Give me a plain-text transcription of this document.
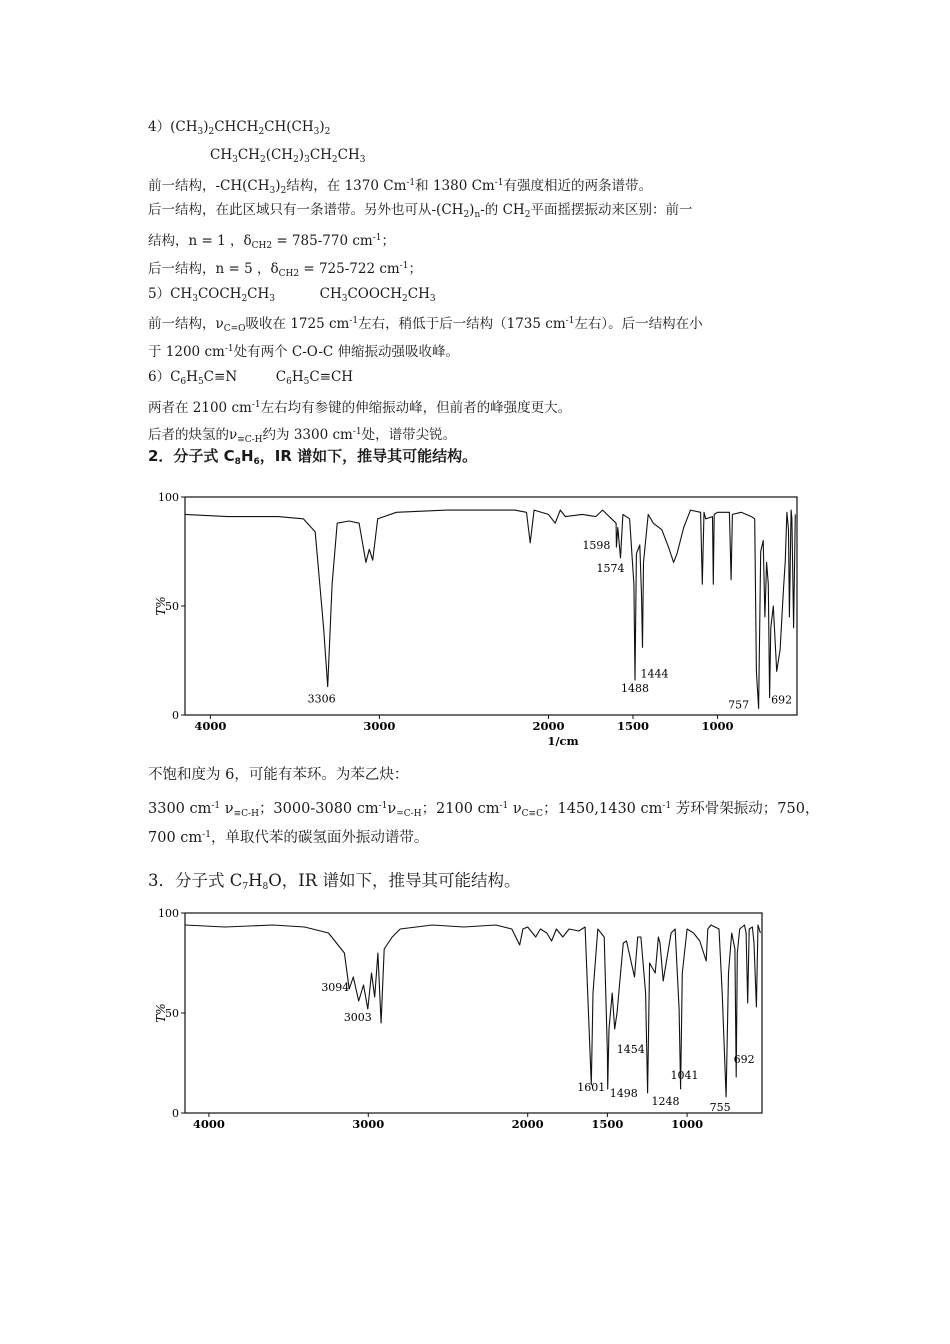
$4)(CH_3)_2CHCH_2CH(CH_3)_2$
$CH_3CH_2(CH_2)_3CH_2CH_3$
前一结构，$-CH(CH_3)_2$结构，在 1370 $Cm^{-1}$和 1380 $Cm^{-1}$有强度相近的两条谱带。
后一结构，在此区域只有一条谱带。另外也可从$-(CH_2)_n-$的 $CH_2$平面摇摆振动来区别：前一
结构，n = 1 ，$\delta_{CH2} = 785-770$ $cm^{-1}$；
后一结构，n = 5 ，$\delta_{CH2} = 725-722$ $cm^{-1}$；
$5)CH_3COCH_2CH_3$	$CH_3COOCH_2CH_3$
前一结构，$\nu_{C=O}$吸收在 1725 $cm^{-1}$左右，稍低于后一结构（1735 $cm^{-1}$左右）。后一结构在小
于 1200 $cm^{-1}$处有两个 C-O-C 伸缩振动强吸收峰。
$6)C_6H_5C\equiv N$	$C_6H_5C\equiv CH$
两者在 2100 $cm^{-1}$左右均有参键的伸缩振动峰，但前者的峰强度更大。
后者的炔氢的$\nu_{\equiv C-H}$约为 3300 $cm^{-1}$处，谱带尖锐。
2．分子式 $C_8H_6$，IR 谱如下，推导其可能结构。
100
50
0
T%
4000	3000	2000	1500	1000
1/cm
3306
1598
1574
1444
1488
757 692
不饱和度为 6，可能有苯环。为苯乙炔：
3300 $cm^{-1}$ $\nu_{\equiv C-H}$；3000-3080 $cm^{-1}\nu_{=C-H}$；2100 $cm^{-1}$ $\nu_{C\equiv C}$；1450,1430 $cm^{-1}$ 芳环骨架振动；750，
700 $cm^{-1}$，单取代苯的碳氢面外振动谱带。
3．分子式 $C_7H_8O$，IR 谱如下，推导其可能结构。
100
50
0
T%
4000	3000	2000	1500	1000
3094
3003
1454
1601 1498
1248
1041
755
692
